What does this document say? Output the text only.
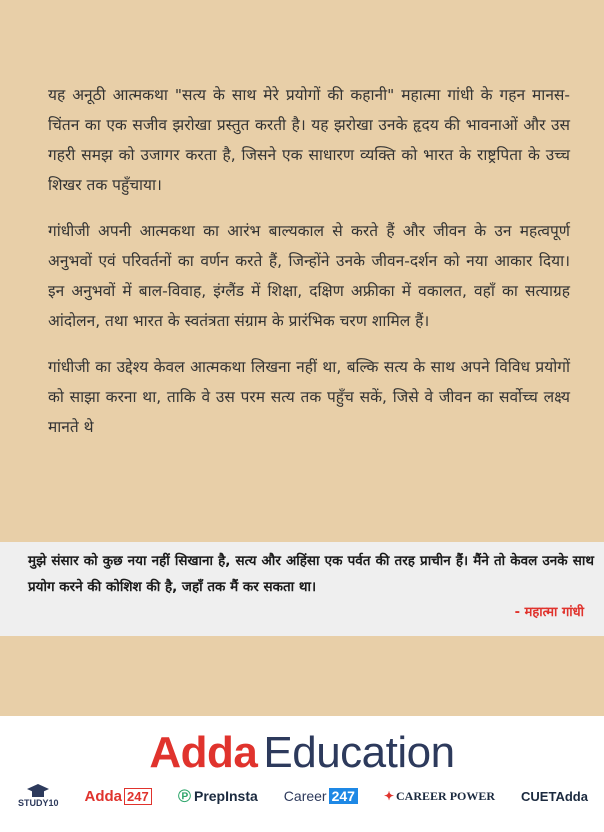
यह अनूठी आत्मकथा "सत्य के साथ मेरे प्रयोगों की कहानी" महात्मा गांधी के गहन मानस-चिंतन का एक सजीव झरोखा प्रस्तुत करती है। यह झरोखा उनके हृदय की भावनाओं और उस गहरी समझ को उजागर करता है, जिसने एक साधारण व्यक्ति को भारत के राष्ट्रपिता के उच्च शिखर तक पहुँचाया।

गांधीजी अपनी आत्मकथा का आरंभ बाल्यकाल से करते हैं और जीवन के उन महत्वपूर्ण अनुभवों एवं परिवर्तनों का वर्णन करते हैं, जिन्होंने उनके जीवन-दर्शन को नया आकार दिया। इन अनुभवों में बाल-विवाह, इंग्लैंड में शिक्षा, दक्षिण अफ्रीका में वकालत, वहाँ का सत्याग्रह आंदोलन, तथा भारत के स्वतंत्रता संग्राम के प्रारंभिक चरण शामिल हैं।

गांधीजी का उद्देश्य केवल आत्मकथा लिखना नहीं था, बल्कि सत्य के साथ अपने विविध प्रयोगों को साझा करना था, ताकि वे उस परम सत्य तक पहुँच सकें, जिसे वे जीवन का सर्वोच्च लक्ष्य मानते थे

मुझे संसार को कुछ नया नहीं सिखाना है, सत्य और अहिंसा एक पर्वत की तरह प्राचीन हैं। मैंने तो केवल उनके साथ प्रयोग करने की कोशिश की है, जहाँ तक मैं कर सकता था।
- महात्मा गांधी
Adda Education
STUDY10 Adda 247 ℗ PrepInsta Career 247 ✦ CAREER POWER CUETAdda
